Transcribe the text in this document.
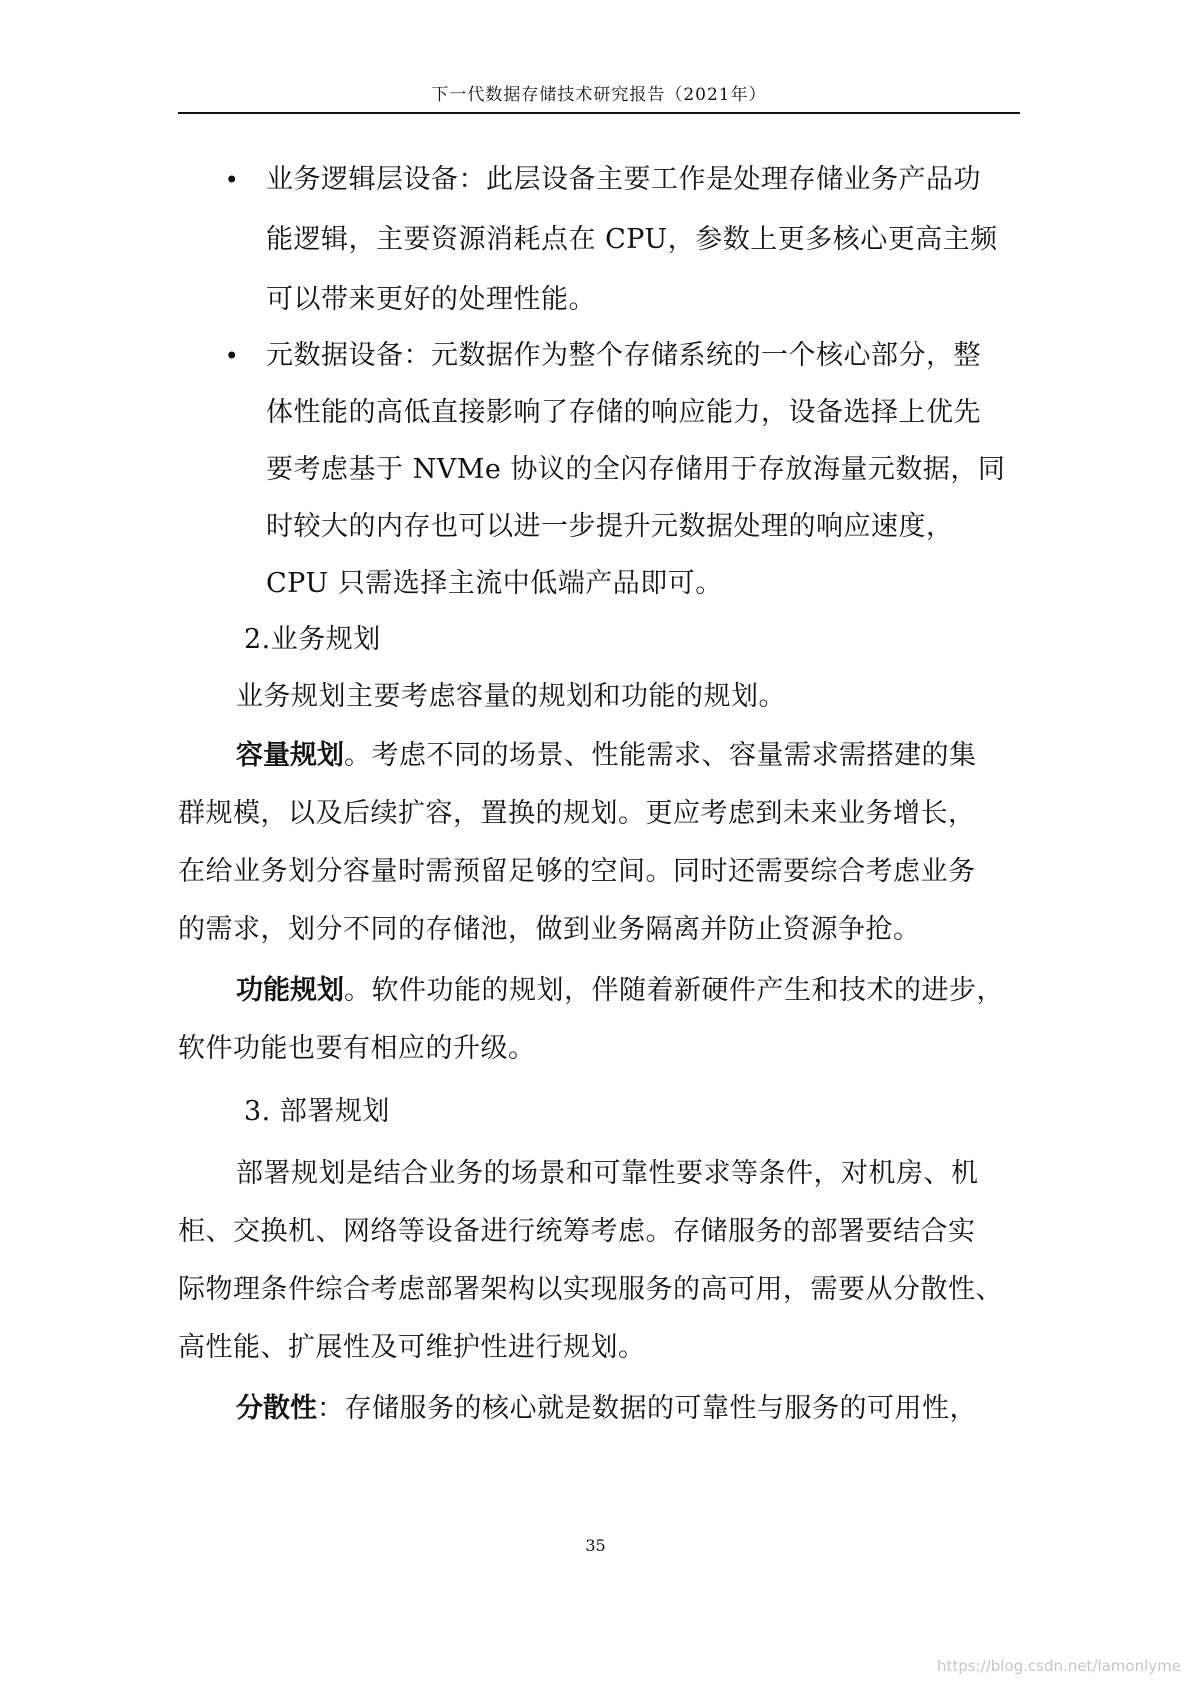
下一代数据存储技术研究报告（2021年）
• 业务逻辑层设备：此层设备主要工作是处理存储业务产品功
能逻辑，主要资源消耗点在 CPU，参数上更多核心更高主频
可以带来更好的处理性能。
• 元数据设备：元数据作为整个存储系统的一个核心部分，整
体性能的高低直接影响了存储的响应能力，设备选择上优先
要考虑基于 NVMe 协议的全闪存储用于存放海量元数据，同
时较大的内存也可以进一步提升元数据处理的响应速度，
CPU 只需选择主流中低端产品即可。
2.业务规划
业务规划主要考虑容量的规划和功能的规划。
容量规划。考虑不同的场景、性能需求、容量需求需搭建的集
群规模，以及后续扩容，置换的规划。更应考虑到未来业务增长，
在给业务划分容量时需预留足够的空间。同时还需要综合考虑业务
的需求，划分不同的存储池，做到业务隔离并防止资源争抢。
功能规划。软件功能的规划，伴随着新硬件产生和技术的进步，
软件功能也要有相应的升级。
3. 部署规划
部署规划是结合业务的场景和可靠性要求等条件，对机房、机
柜、交换机、网络等设备进行统筹考虑。存储服务的部署要结合实
际物理条件综合考虑部署架构以实现服务的高可用，需要从分散性、
高性能、扩展性及可维护性进行规划。
分散性：存储服务的核心就是数据的可靠性与服务的可用性，
35
https://blog.csdn.net/lamonlyme
